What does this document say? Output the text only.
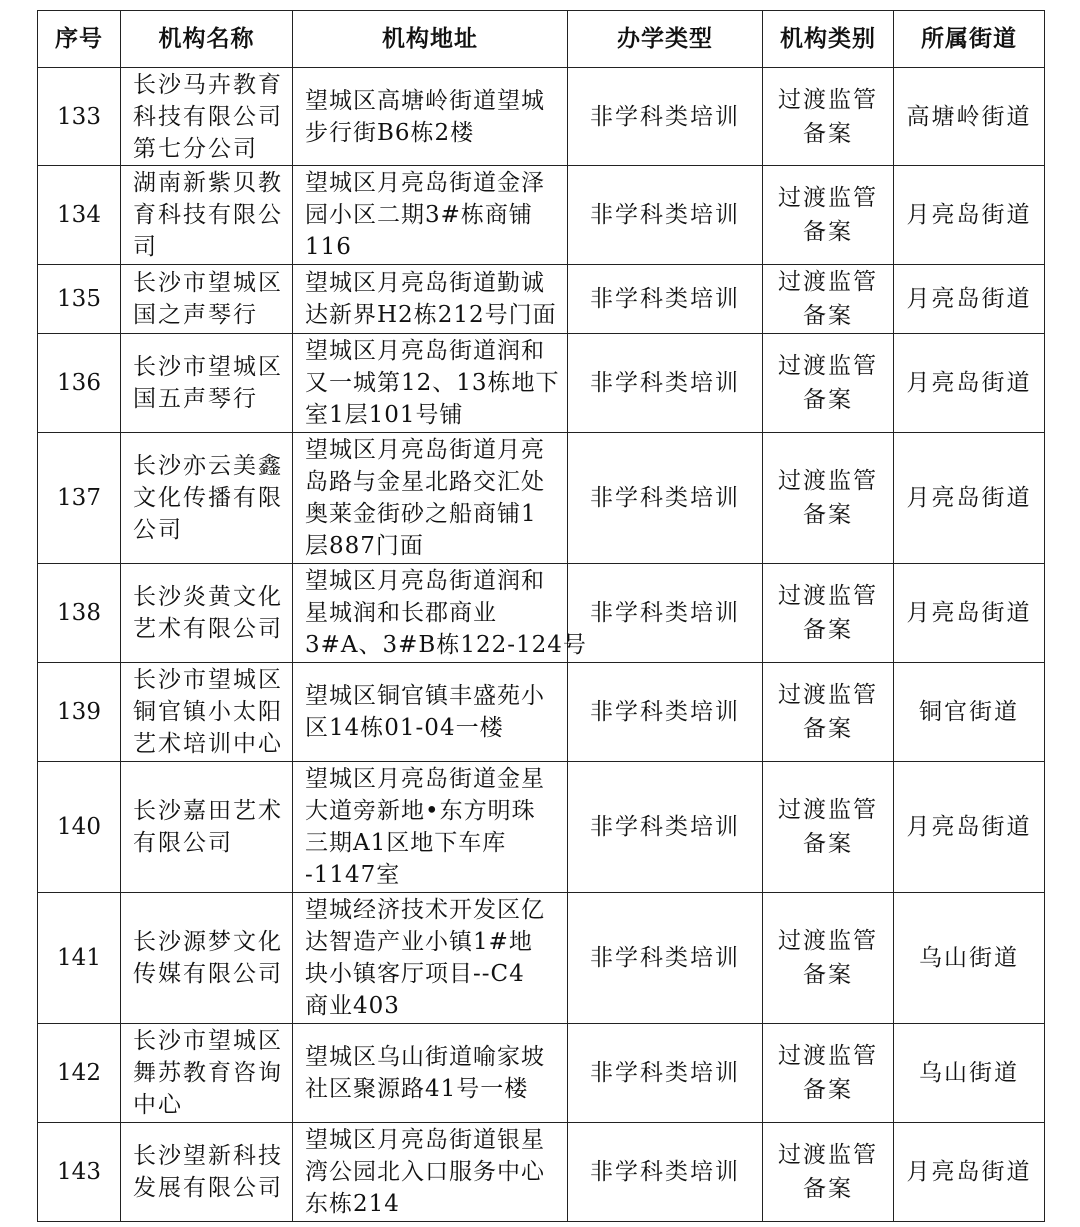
序号	机构名称	机构地址	办学类型	机构类别	所属街道
133	长沙马卉教育
科技有限公司
第七分公司	望城区高塘岭街道望城
步行街B6栋2楼	非学科类培训	过渡监管
备案	高塘岭街道
134	湖南新紫贝教
育科技有限公
司	望城区月亮岛街道金泽
园小区二期3#栋商铺
116	非学科类培训	过渡监管
备案	月亮岛街道
135	长沙市望城区
国之声琴行	望城区月亮岛街道勤诚
达新界H2栋212号门面	非学科类培训	过渡监管
备案	月亮岛街道
136	长沙市望城区
国五声琴行	望城区月亮岛街道润和
又一城第12、13栋地下
室1层101号铺	非学科类培训	过渡监管
备案	月亮岛街道
137	长沙亦云美鑫
文化传播有限
公司	望城区月亮岛街道月亮
岛路与金星北路交汇处
奥莱金街砂之船商铺1
层887门面	非学科类培训	过渡监管
备案	月亮岛街道
138	长沙炎黄文化
艺术有限公司	望城区月亮岛街道润和
星城润和长郡商业
3#A、3#B栋122-124号	非学科类培训	过渡监管
备案	月亮岛街道
139	长沙市望城区
铜官镇小太阳
艺术培训中心	望城区铜官镇丰盛苑小
区14栋01-04一楼	非学科类培训	过渡监管
备案	铜官街道
140	长沙嘉田艺术
有限公司	望城区月亮岛街道金星
大道旁新地•东方明珠
三期A1区地下车库
-1147室	非学科类培训	过渡监管
备案	月亮岛街道
141	长沙源梦文化
传媒有限公司	望城经济技术开发区亿
达智造产业小镇1#地
块小镇客厅项目--C4
商业403	非学科类培训	过渡监管
备案	乌山街道
142	长沙市望城区
舞苏教育咨询
中心	望城区乌山街道喻家坡
社区聚源路41号一楼	非学科类培训	过渡监管
备案	乌山街道
143	长沙望新科技
发展有限公司	望城区月亮岛街道银星
湾公园北入口服务中心
东栋214	非学科类培训	过渡监管
备案	月亮岛街道
